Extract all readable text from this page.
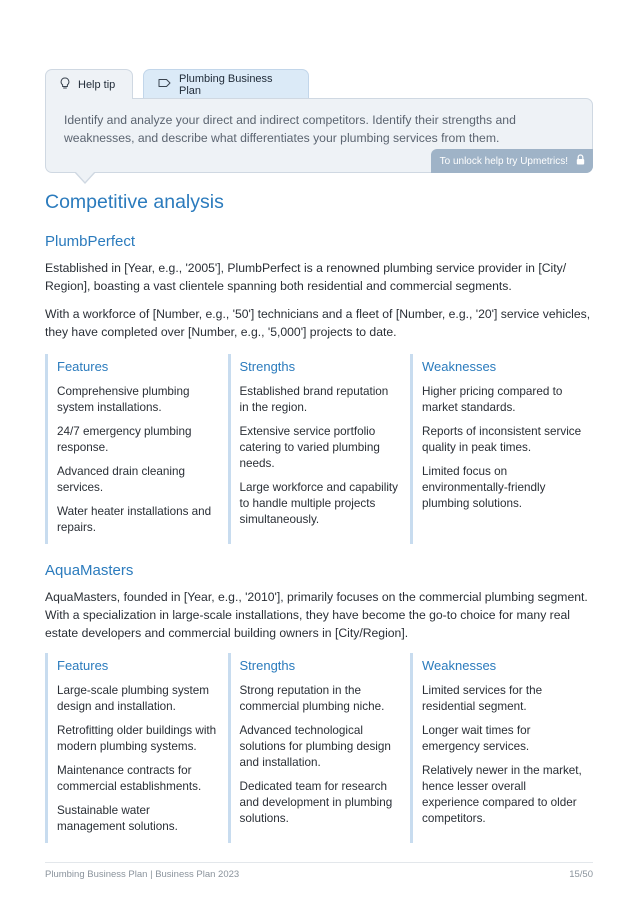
Help tip	Plumbing Business Plan

Identify and analyze your direct and indirect competitors. Identify their strengths and weaknesses, and describe what differentiates your plumbing services from them.

To unlock help try Upmetrics!
Competitive analysis
PlumbPerfect

Established in [Year, e.g., '2005'], PlumbPerfect is a renowned plumbing service provider in [City/ Region], boasting a vast clientele spanning both residential and commercial segments.

With a workforce of [Number, e.g., '50'] technicians and a fleet of [Number, e.g., '20'] service vehicles, they have completed over [Number, e.g., '5,000'] projects to date.

Features
Comprehensive plumbing system installations.
24/7 emergency plumbing response.
Advanced drain cleaning services.
Water heater installations and repairs.
Strengths
Established brand reputation in the region.
Extensive service portfolio catering to varied plumbing needs.
Large workforce and capability to handle multiple projects simultaneously.
Weaknesses
Higher pricing compared to market standards.
Reports of inconsistent service quality in peak times.
Limited focus on environmentally-friendly plumbing solutions.
AquaMasters

AquaMasters, founded in [Year, e.g., '2010'], primarily focuses on the commercial plumbing segment. With a specialization in large-scale installations, they have become the go-to choice for many real estate developers and commercial building owners in [City/Region].

Features
Large-scale plumbing system design and installation.
Retrofitting older buildings with modern plumbing systems.
Maintenance contracts for commercial establishments.
Sustainable water management solutions.
Strengths
Strong reputation in the commercial plumbing niche.
Advanced technological solutions for plumbing design and installation.
Dedicated team for research and development in plumbing solutions.
Weaknesses
Limited services for the residential segment.
Longer wait times for emergency services.
Relatively newer in the market, hence lesser overall experience compared to older competitors.
Plumbing Business Plan | Business Plan 2023	15/50
